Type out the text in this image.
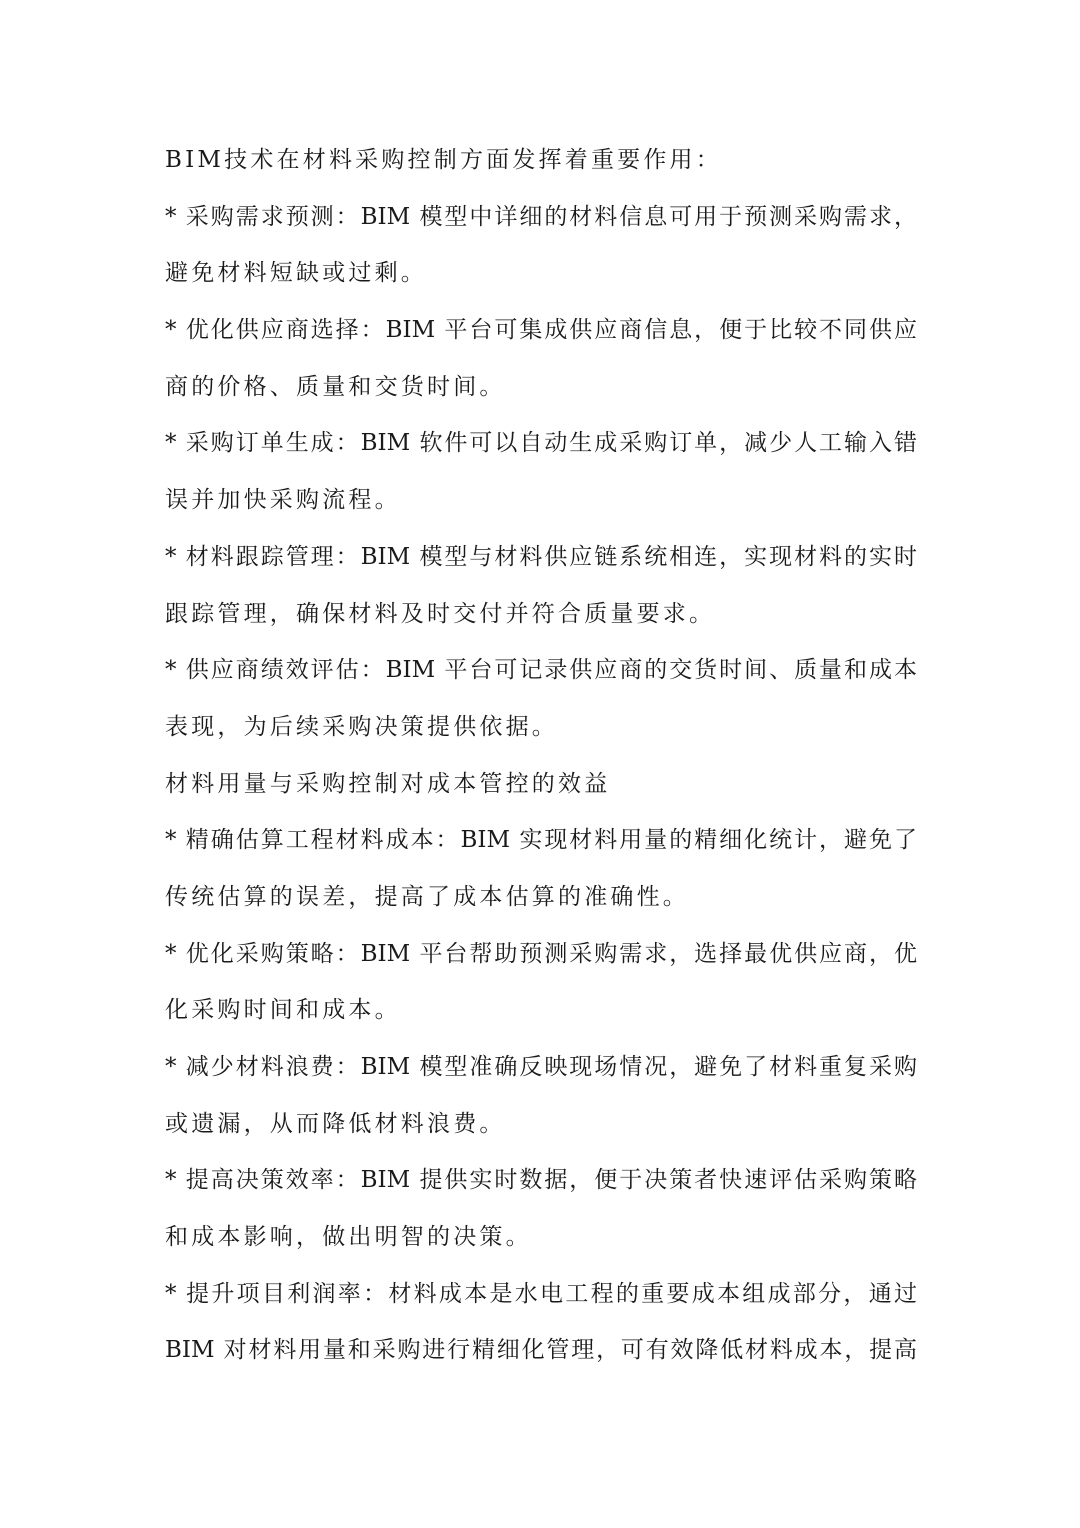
BIM技术在材料采购控制方面发挥着重要作用：
* 采购需求预测：BIM 模型中详细的材料信息可用于预测采购需求，
避免材料短缺或过剩。
* 优化供应商选择：BIM 平台可集成供应商信息，便于比较不同供应
商的价格、质量和交货时间。
* 采购订单生成：BIM 软件可以自动生成采购订单，减少人工输入错
误并加快采购流程。
* 材料跟踪管理：BIM 模型与材料供应链系统相连，实现材料的实时
跟踪管理，确保材料及时交付并符合质量要求。
* 供应商绩效评估：BIM 平台可记录供应商的交货时间、质量和成本
表现，为后续采购决策提供依据。
材料用量与采购控制对成本管控的效益
* 精确估算工程材料成本：BIM 实现材料用量的精细化统计，避免了
传统估算的误差，提高了成本估算的准确性。
* 优化采购策略：BIM 平台帮助预测采购需求，选择最优供应商，优
化采购时间和成本。
* 减少材料浪费：BIM 模型准确反映现场情况，避免了材料重复采购
或遗漏，从而降低材料浪费。
* 提高决策效率：BIM 提供实时数据，便于决策者快速评估采购策略
和成本影响，做出明智的决策。
* 提升项目利润率：材料成本是水电工程的重要成本组成部分，通过
BIM 对材料用量和采购进行精细化管理，可有效降低材料成本，提高
